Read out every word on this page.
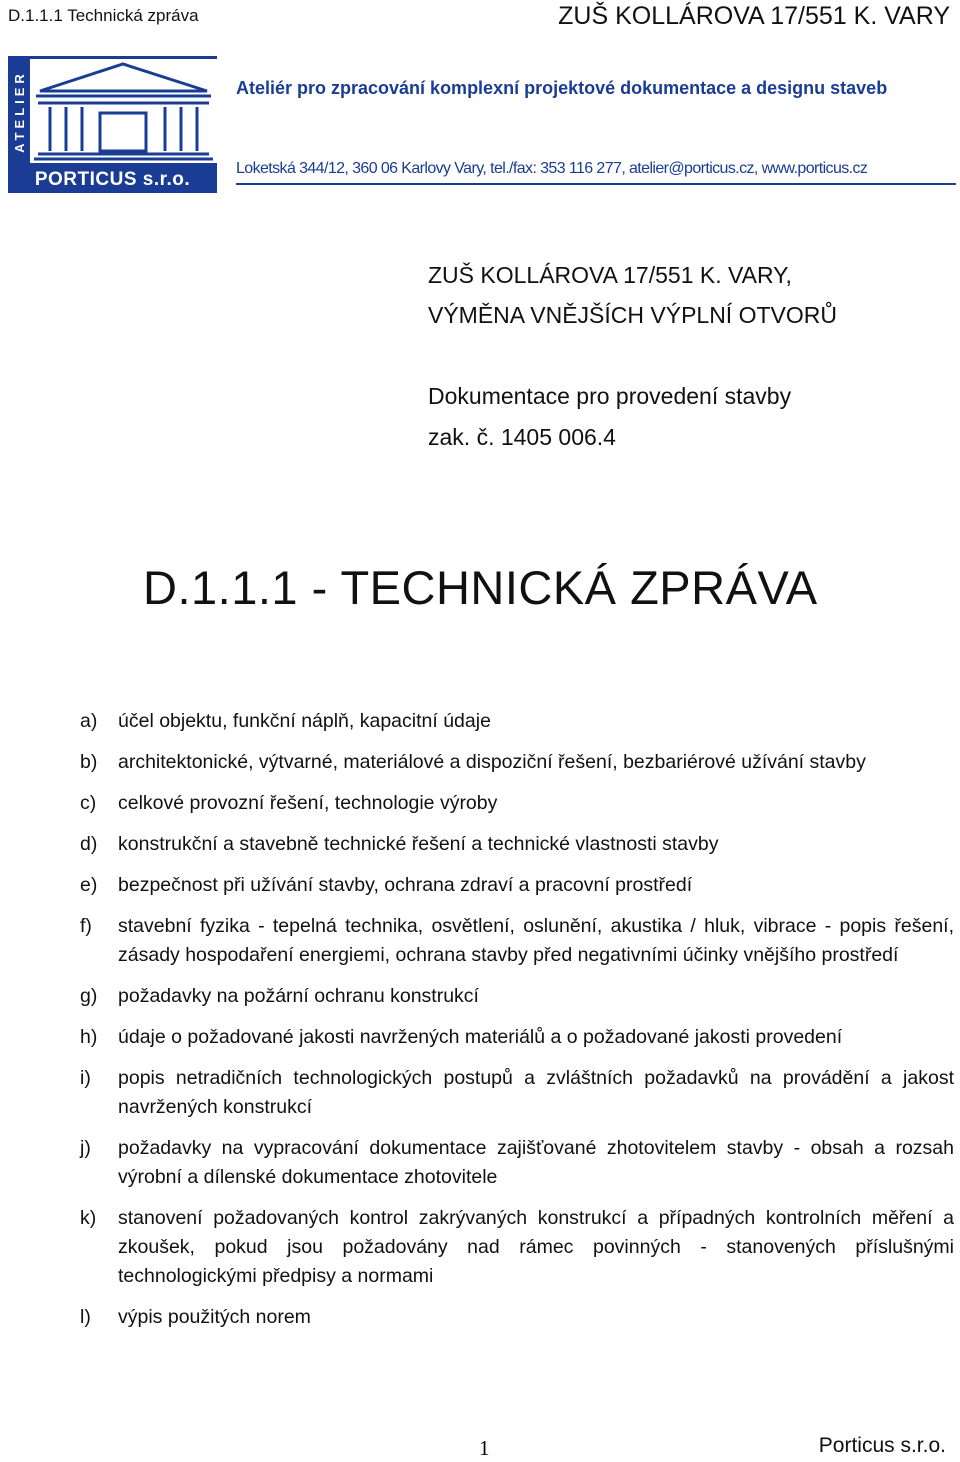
D.1.1.1 Technická zpráva	ZUŠ KOLLÁROVA 17/551 K. VARY
ATELIER
PORTICUS s.r.o.
Ateliér pro zpracování komplexní projektové dokumentace a designu staveb
Loketská 344/12, 360 06 Karlovy Vary, tel./fax: 353 116 277, atelier@porticus.cz, www.porticus.cz
ZUŠ KOLLÁROVA 17/551 K. VARY,
VÝMĚNA VNĚJŠÍCH VÝPLNÍ OTVORŮ
Dokumentace pro provedení stavby
zak. č. 1405 006.4
D.1.1.1 - TECHNICKÁ ZPRÁVA
a)	účel objektu, funkční náplň, kapacitní údaje
b)	architektonické, výtvarné, materiálové a dispoziční řešení, bezbariérové užívání stavby
c)	celkové provozní řešení, technologie výroby
d)	konstrukční a stavebně technické řešení a technické vlastnosti stavby
e)	bezpečnost při užívání stavby, ochrana zdraví a pracovní prostředí
f)	stavební fyzika - tepelná technika, osvětlení, oslunění, akustika / hluk, vibrace - popis řešení, zásady hospodaření energiemi, ochrana stavby před negativními účinky vnějšího prostředí
g)	požadavky na požární ochranu konstrukcí
h)	údaje o požadované jakosti navržených materiálů a o požadované jakosti provedení
i)	popis netradičních technologických postupů a zvláštních požadavků na provádění a jakost navržených konstrukcí
j)	požadavky na vypracování dokumentace zajišťované zhotovitelem stavby - obsah a rozsah výrobní a dílenské dokumentace zhotovitele
k)	stanovení požadovaných kontrol zakrývaných konstrukcí a případných kontrolních měření a zkoušek, pokud jsou požadovány nad rámec povinných - stanovených příslušnými technologickými předpisy a normami
l)	výpis použitých norem
1	Porticus s.r.o.
